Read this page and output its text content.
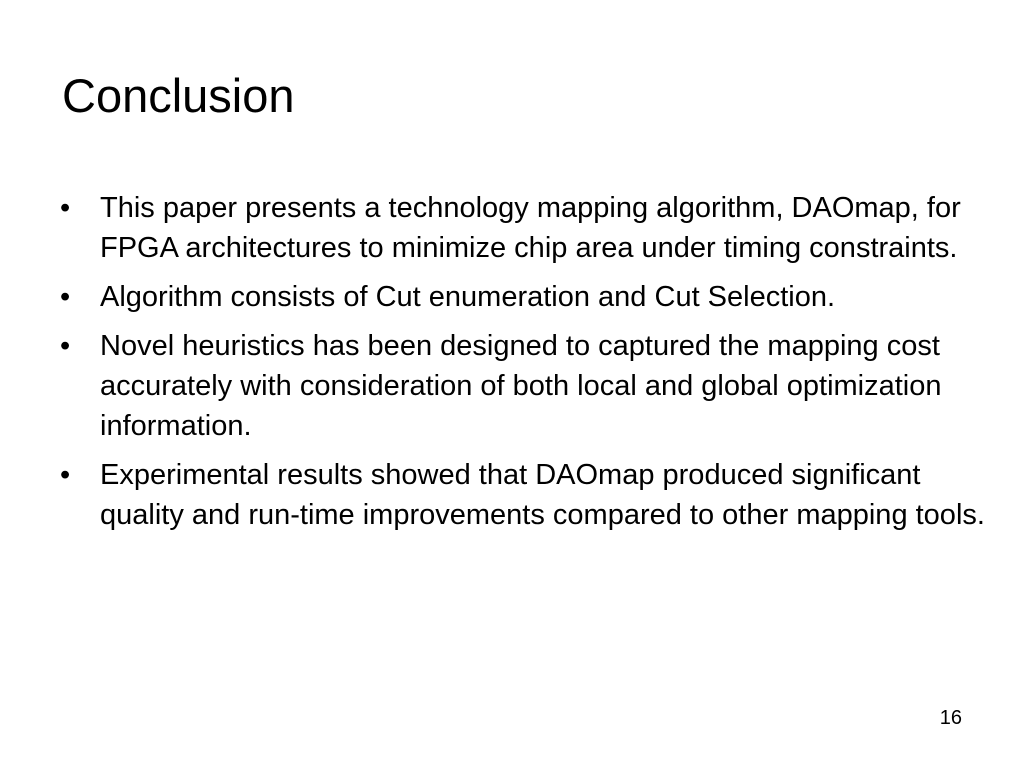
Conclusion
• This paper presents a technology mapping algorithm, DAOmap, for FPGA architectures to minimize chip area under timing constraints.
• Algorithm consists of Cut enumeration and Cut Selection.
• Novel heuristics has been designed to captured the mapping cost accurately with consideration of both local and global optimization information.
• Experimental results showed that DAOmap produced significant quality and run-time improvements compared to other mapping tools.
16
